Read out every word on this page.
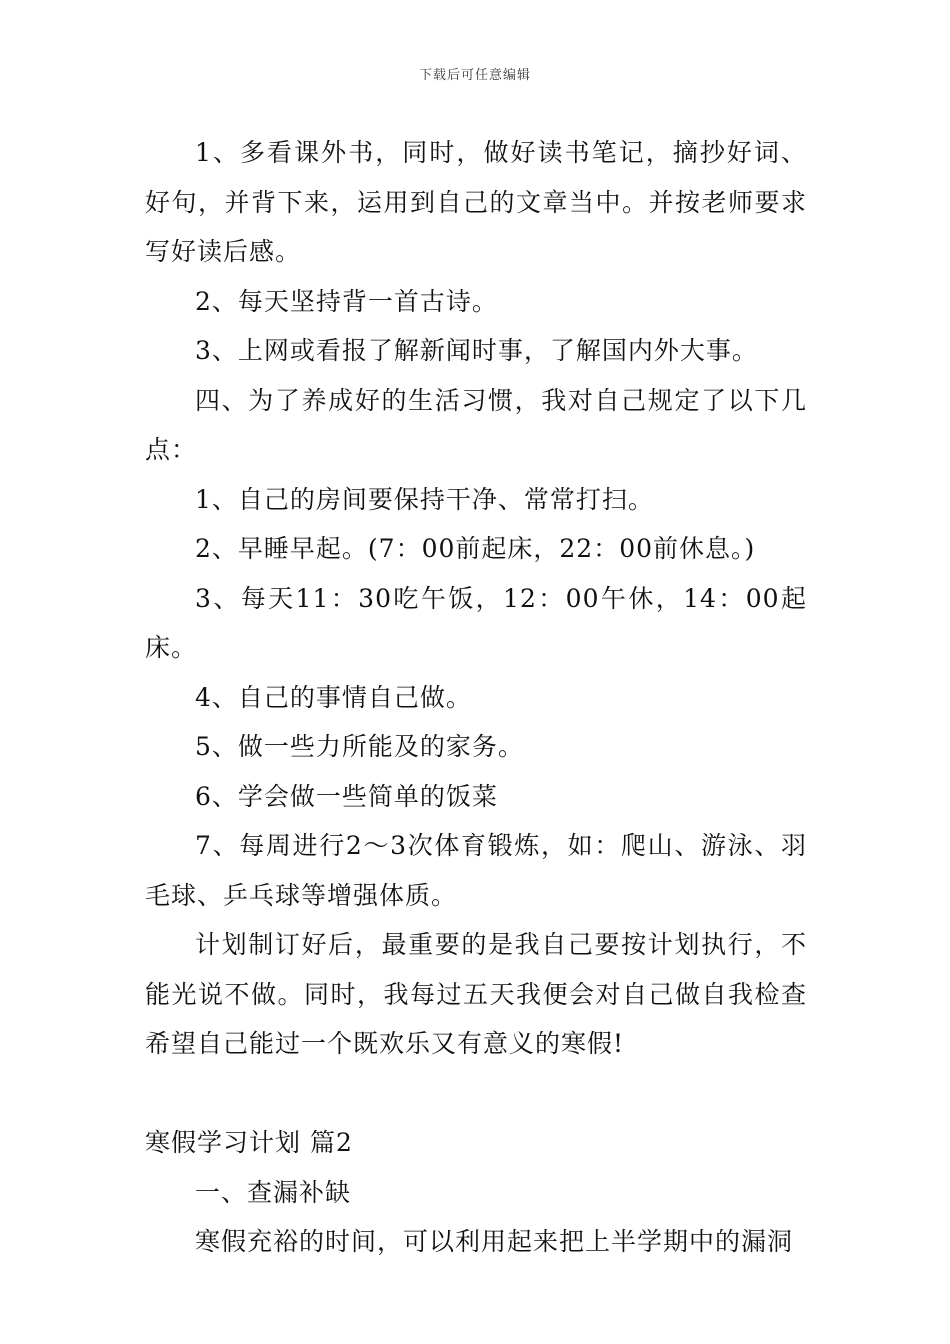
下载后可任意编辑

1、多看课外书，同时，做好读书笔记，摘抄好词、好句，并背下来，运用到自己的文章当中。并按老师要求写好读后感。

2、每天坚持背一首古诗。

3、上网或看报了解新闻时事，了解国内外大事。

四、为了养成好的生活习惯，我对自己规定了以下几点：

1、自己的房间要保持干净、常常打扫。

2、早睡早起。(7：00前起床，22：00前休息。)

3、每天11：30吃午饭，12：00午休，14：00起床。

4、自己的事情自己做。

5、做一些力所能及的家务。

6、学会做一些简单的饭菜

7、每周进行2～3次体育锻炼，如：爬山、游泳、羽毛球、乒乓球等增强体质。

计划制订好后，最重要的是我自己要按计划执行，不能光说不做。同时，我每过五天我便会对自己做自我检查希望自己能过一个既欢乐又有意义的寒假!

寒假学习计划 篇2

一、查漏补缺

寒假充裕的时间，可以利用起来把上半学期中的漏洞
